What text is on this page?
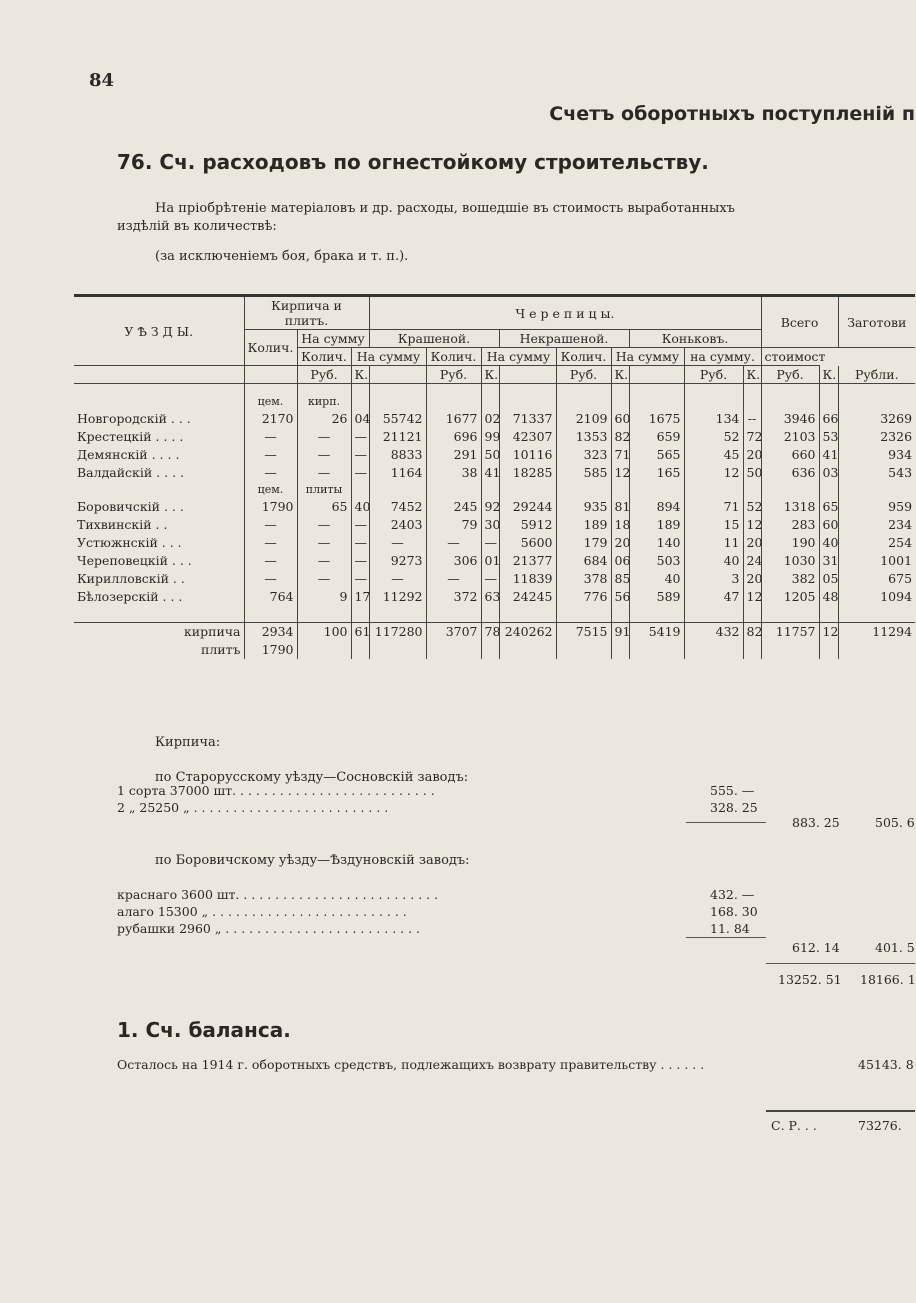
84
Счетъ оборотныхъ поступленій п
76. Сч. расходовъ по огнестойкому строительству.
На пріобрѣтеніе матеріаловъ и др. расходы, вошедшіе въ стоимость выработанныхъ
издѣлій въ количествѣ:
(за исключеніемъ боя, брака и т. п.).
У Ѣ З Д Ы.	Кирпича и плитъ.			Ч е р е п и ц ы.									Всего		Заготови
	Колич.	На сумму		Крашеной.			Некрашеной.			Коньковъ.					
		Колич.	На сумму		Колич.	На сумму		Колич.	На сумму		на сумму.		стоимост		
		Руб.	К.		Руб.	К.		Руб.	К.		Руб.	К.	Руб.	К.	Рубли.

	цем.	кирп.													
Новгородскій . . .	2170	26	04	55742	1677	02	71337	2109	60	1675	134	--	3946	66	3269
Крестецкій . . . .	—	—	—	21121	696	99	42307	1353	82	659	52	72	2103	53	2326
Демянскій . . . .	—	—	—	8833	291	50	10116	323	71	565	45	20	660	41	934
Валдайскій . . . .	—	—	—	1164	38	41	18285	585	12	165	12	50	636	03	543
	цем.	плиты													
Боровичскій . . .	1790	65	40	7452	245	92	29244	935	81	894	71	52	1318	65	959
Тихвинскій . .	—	—	—	2403	79	30	5912	189	18	189	15	12	283	60	234
Устюжнскій . . .	—	—	—	—	—	—	5600	179	20	140	11	20	190	40	254
Череповецкій . . .	—	—	—	9273	306	01	21377	684	06	503	40	24	1030	31	1001
Кирилловскій . .	—	—	—	—	—	—	11839	378	85	40	3	20	382	05	675
Бѣлозерскій . . .	764	9	17	11292	372	63	24245	776	56	589	47	12	1205	48	1094

кирпича	2934	100	61	117280	3707	78	240262	7515	91	5419	432	82	11757	12	11294
плитъ	1790														
Кирпича:
по Старорусскому уѣзду—Сосновскій заводъ:
1 сорта 37000 шт. . . . . . . . . . . . . . . . . . . . . . . . . .	555. —
2 „ 25250 „ . . . . . . . . . . . . . . . . . . . . . . . . .	328. 25
883. 25	505. 6
по Боровичскому уѣзду—Ѣздуновскій заводъ:
краснаго 3600 шт. . . . . . . . . . . . . . . . . . . . . . . . . .	432. —
алаго 15300 „ . . . . . . . . . . . . . . . . . . . . . . . . .	168. 30
рубашки 2960 „ . . . . . . . . . . . . . . . . . . . . . . . . .	11. 84
612. 14	401. 5
13252. 51 18166. 1
1. Сч. баланса.
Осталось на 1914 г. оборотныхъ средствъ, подлежащихъ возврату правительству . . . . . .	45143. 8
С. Р. . .	73276.
